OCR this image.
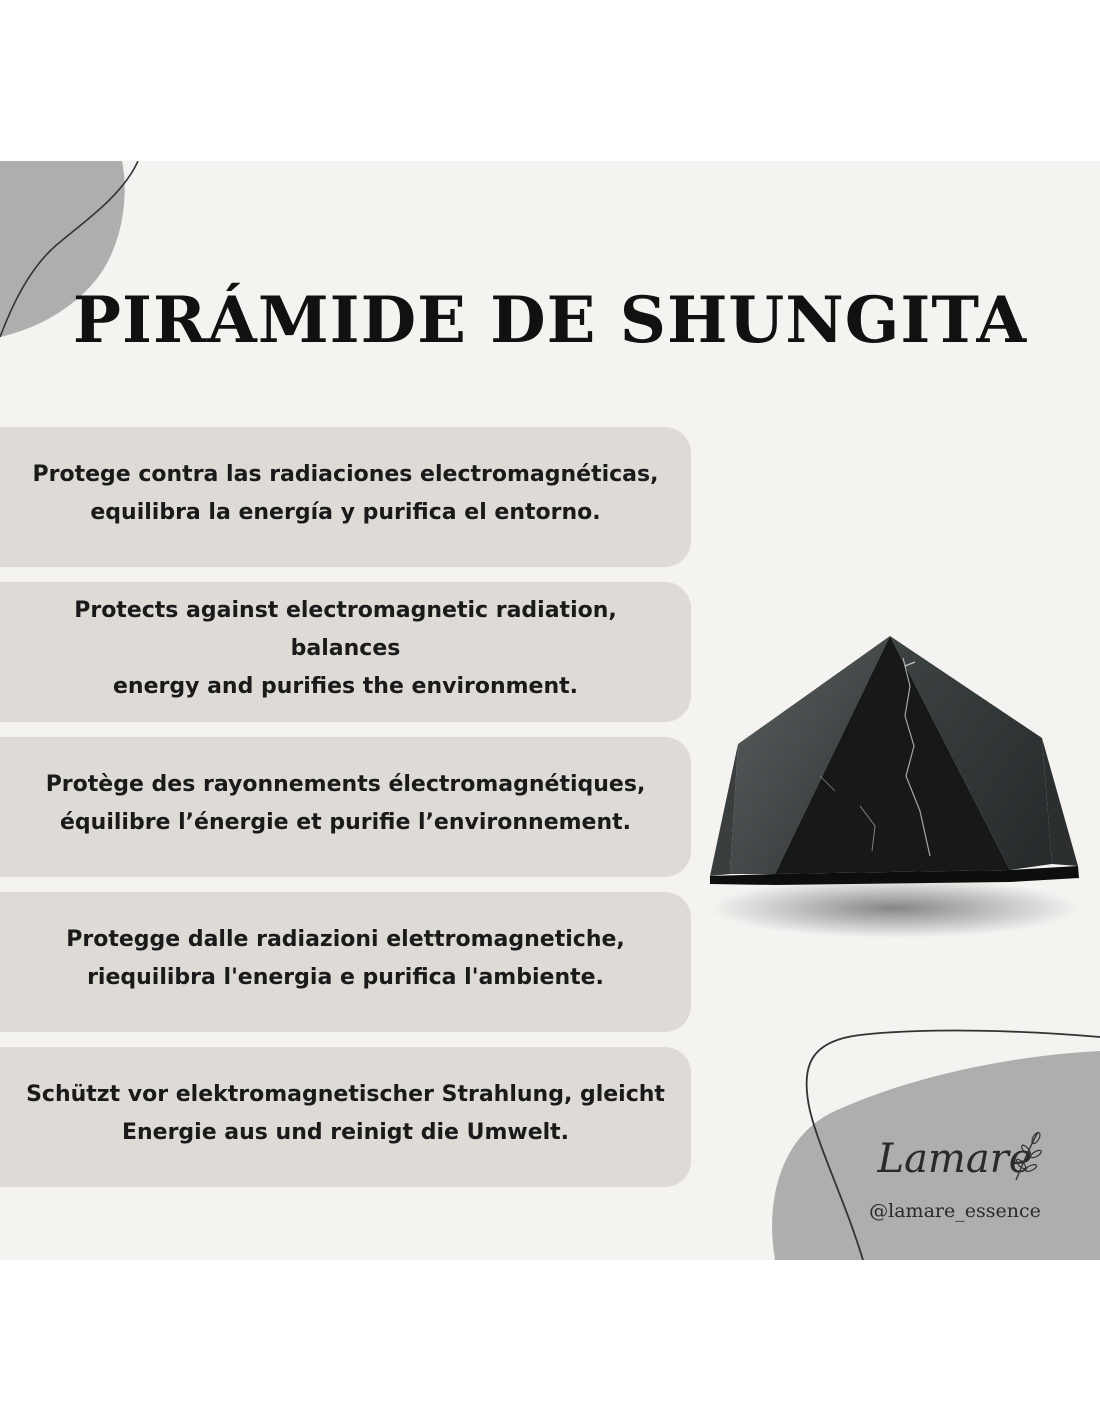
PIRÁMIDE DE SHUNGITA
Protege contra las radiaciones electromagnéticas,
equilibra la energía y purifica el entorno.
Protects against electromagnetic radiation, balances
energy and purifies the environment.
Protège des rayonnements électromagnétiques,
équilibre l’énergie et purifie l’environnement.
Protegge dalle radiazioni elettromagnetiche,
riequilibra l'energia e purifica l'ambiente.
Schützt vor elektromagnetischer Strahlung, gleicht
Energie aus und reinigt die Umwelt.
Lamare
@lamare_essence
